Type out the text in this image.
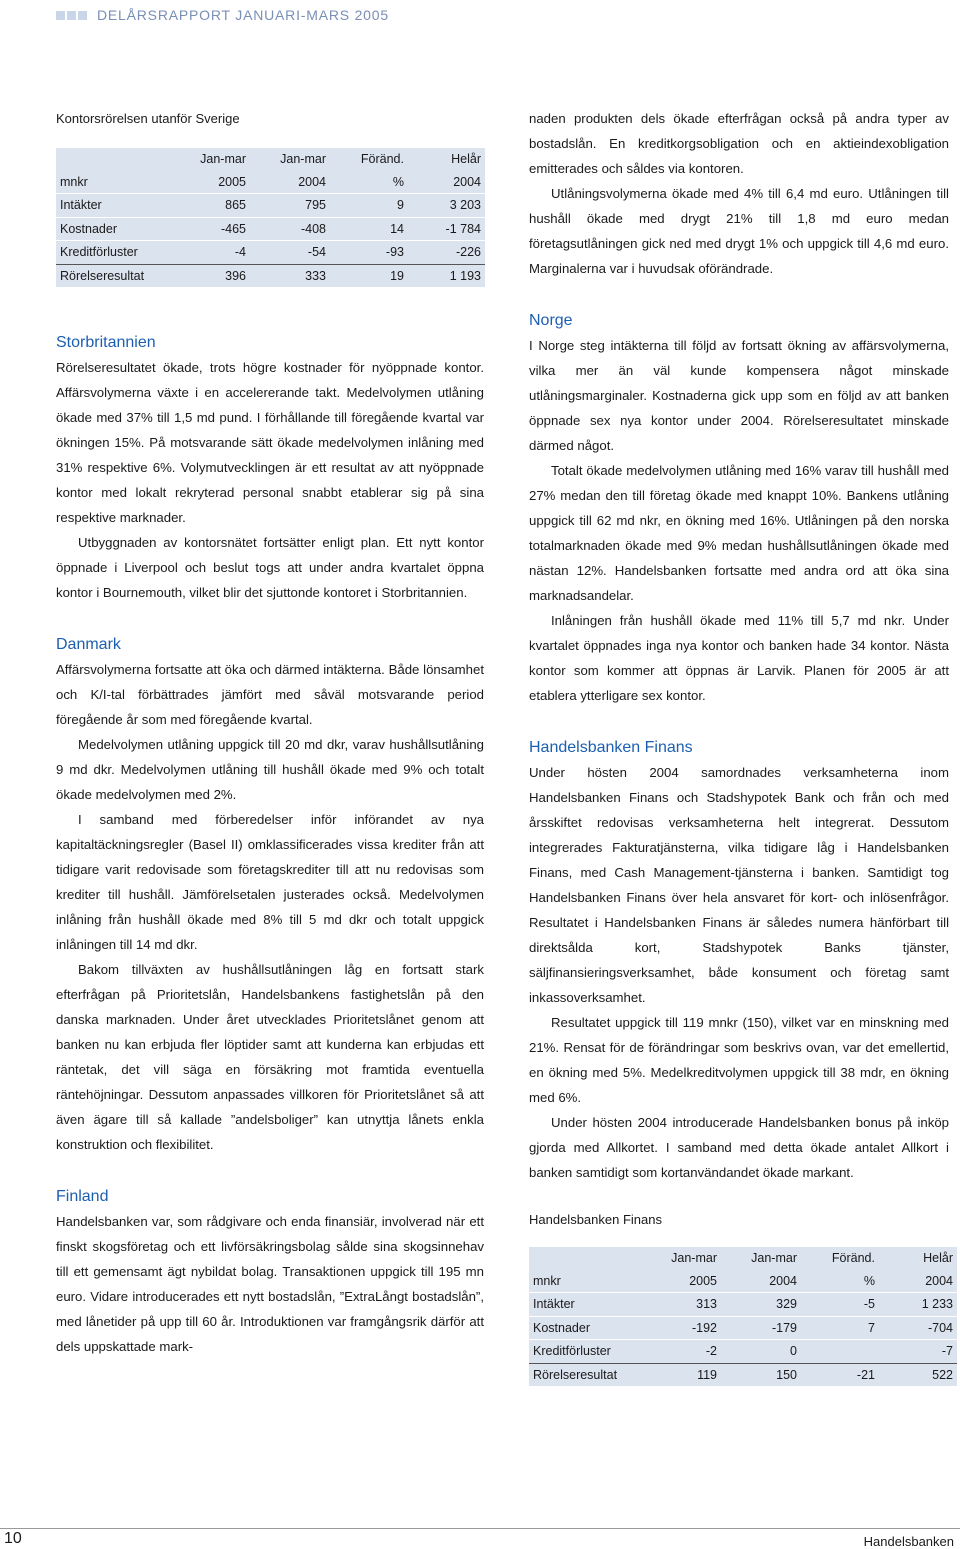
DELÅRSRAPPORT JANUARI-MARS 2005
Kontorsrörelsen utanför Sverige
	Jan-mar	Jan-mar	Föränd.	Helår
mnkr	2005	2004	%	2004
Intäkter	865	795	9	3 203
Kostnader	-465	-408	14	-1 784
Kreditförluster	-4	-54	-93	-226
Rörelseresultat	396	333	19	1 193
Storbritannien

Rörelseresultatet ökade, trots högre kostnader för nyöppnade kontor. Affärsvolymerna växte i en accelererande takt. Medelvolymen utlåning ökade med 37% till 1,5 md pund. I förhållande till föregående kvartal var ökningen 15%. På motsvarande sätt ökade medelvolymen inlåning med 31% respektive 6%. Volymutvecklingen är ett resultat av att nyöppnade kontor med lokalt rekryterad personal snabbt etablerar sig på sina respektive marknader.

Utbyggnaden av kontorsnätet fortsätter enligt plan. Ett nytt kontor öppnade i Liverpool och beslut togs att under andra kvartalet öppna kontor i Bournemouth, vilket blir det sjuttonde kontoret i Storbritannien.

Danmark

Affärsvolymerna fortsatte att öka och därmed intäkterna. Både lönsamhet och K/I-tal förbättrades jämfört med såväl motsvarande period föregående år som med föregående kvartal.

Medelvolymen utlåning uppgick till 20 md dkr, varav hushållsutlåning 9 md dkr. Medelvolymen utlåning till hushåll ökade med 9% och totalt ökade medelvolymen med 2%.

I samband med förberedelser inför införandet av nya kapitaltäckningsregler (Basel II) omklassificerades vissa krediter från att tidigare varit redovisade som företagskrediter till att nu redovisas som krediter till hushåll. Jämförelsetalen justerades också. Medelvolymen inlåning från hushåll ökade med 8% till 5 md dkr och totalt uppgick inlåningen till 14 md dkr.

Bakom tillväxten av hushållsutlåningen låg en fortsatt stark efterfrågan på Prioritetslån, Handelsbankens fastighetslån på den danska marknaden. Under året utvecklades Prioritetslånet genom att banken nu kan erbjuda fler löptider samt att kunderna kan erbjudas ett räntetak, det vill säga en försäkring mot framtida eventuella räntehöjningar. Dessutom anpassades villkoren för Prioritetslånet så att även ägare till så kallade ”andelsboliger” kan utnyttja lånets enkla konstruktion och flexibilitet.

Finland

Handelsbanken var, som rådgivare och enda finansiär, involverad när ett finskt skogsföretag och ett livförsäkringsbolag sålde sina skogsinnehav till ett gemensamt ägt nybildat bolag. Transaktionen uppgick till 195 mn euro. Vidare introducerades ett nytt bostadslån, ”ExtraLångt bostadslån”, med lånetider på upp till 60 år. Introduktionen var framgångsrik därför att dels uppskattade mark-

naden produkten dels ökade efterfrågan också på andra typer av bostadslån. En kreditkorgsobligation och en aktieindexobligation emitterades och såldes via kontoren.

Utlåningsvolymerna ökade med 4% till 6,4 md euro. Utlåningen till hushåll ökade med drygt 21% till 1,8 md euro medan företagsutlåningen gick ned med drygt 1% och uppgick till 4,6 md euro. Marginalerna var i huvudsak oförändrade.

Norge

I Norge steg intäkterna till följd av fortsatt ökning av affärsvolymerna, vilka mer än väl kunde kompensera något minskade utlåningsmarginaler. Kostnaderna gick upp som en följd av att banken öppnade sex nya kontor under 2004. Rörelseresultatet minskade därmed något.

Totalt ökade medelvolymen utlåning med 16% varav till hushåll med 27% medan den till företag ökade med knappt 10%. Bankens utlåning uppgick till 62 md nkr, en ökning med 16%. Utlåningen på den norska totalmarknaden ökade med 9% medan hushållsutlåningen ökade med nästan 12%. Handelsbanken fortsatte med andra ord att öka sina marknadsandelar.

Inlåningen från hushåll ökade med 11% till 5,7 md nkr. Under kvartalet öppnades inga nya kontor och banken hade 34 kontor. Nästa kontor som kommer att öppnas är Larvik. Planen för 2005 är att etablera ytterligare sex kontor.

Handelsbanken Finans

Under hösten 2004 samordnades verksamheterna inom Handelsbanken Finans och Stadshypotek Bank och från och med årsskiftet redovisas verksamheterna helt integrerat. Dessutom integrerades Fakturatjänsterna, vilka tidigare låg i Handelsbanken Finans, med Cash Management-tjänsterna i banken. Samtidigt tog Handelsbanken Finans över hela ansvaret för kort- och inlösenfrågor. Resultatet i Handelsbanken Finans är således numera hänförbart till direktsålda kort, Stadshypotek Banks tjänster, säljfinansieringsverksamhet, både konsument och företag samt inkassoverksamhet.

Resultatet uppgick till 119 mnkr (150), vilket var en minskning med 21%. Rensat för de förändringar som beskrivs ovan, var det emellertid, en ökning med 5%. Medelkreditvolymen uppgick till 38 mdr, en ökning med 6%.

Under hösten 2004 introducerade Handelsbanken bonus på inköp gjorda med Allkortet. I samband med detta ökade antalet Allkort i banken samtidigt som kortanvändandet ökade markant.

Handelsbanken Finans
	Jan-mar	Jan-mar	Föränd.	Helår
mnkr	2005	2004	%	2004
Intäkter	313	329	-5	1 233
Kostnader	-192	-179	7	-704
Kreditförluster	-2	0		-7
Rörelseresultat	119	150	-21	522
10	Handelsbanken
